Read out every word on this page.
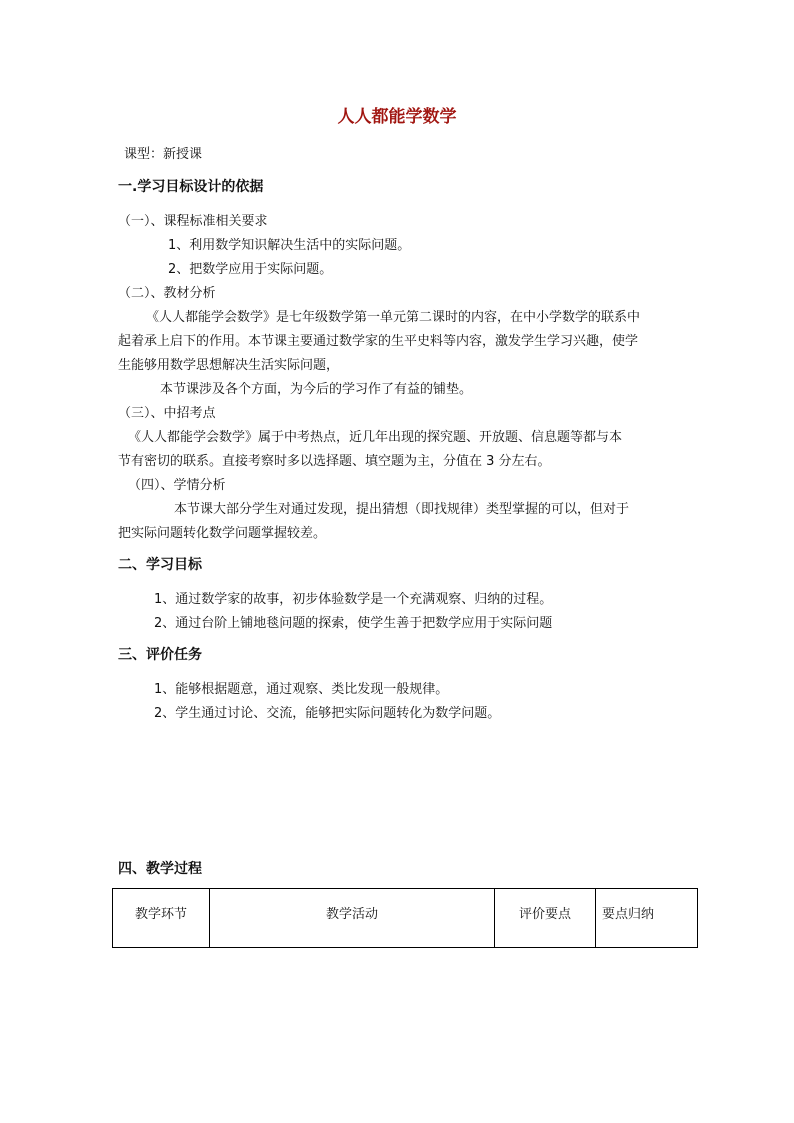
人人都能学数学
课型：新授课
一.学习目标设计的依据
（一）、课程标准相关要求
1、利用数学知识解决生活中的实际问题。
2、把数学应用于实际问题。
（二）、教材分析
《人人都能学会数学》是七年级数学第一单元第二课时的内容，在中小学数学的联系中
起着承上启下的作用。本节课主要通过数学家的生平史料等内容，激发学生学习兴趣，使学
生能够用数学思想解决生活实际问题，
本节课涉及各个方面，为今后的学习作了有益的铺垫。
（三）、中招考点
《人人都能学会数学》属于中考热点，近几年出现的探究题、开放题、信息题等都与本
节有密切的联系。直接考察时多以选择题、填空题为主，分值在 3 分左右。
（四）、学情分析
本节课大部分学生对通过发现，提出猜想（即找规律）类型掌握的可以，但对于
把实际问题转化数学问题掌握较差。
二、学习目标
1、通过数学家的故事，初步体验数学是一个充满观察、归纳的过程。
2、通过台阶上铺地毯问题的探索，使学生善于把数学应用于实际问题
三、评价任务
1、能够根据题意，通过观察、类比发现一般规律。
2、学生通过讨论、交流，能够把实际问题转化为数学问题。
四、教学过程
教学环节	教学活动	评价要点	要点归纳
